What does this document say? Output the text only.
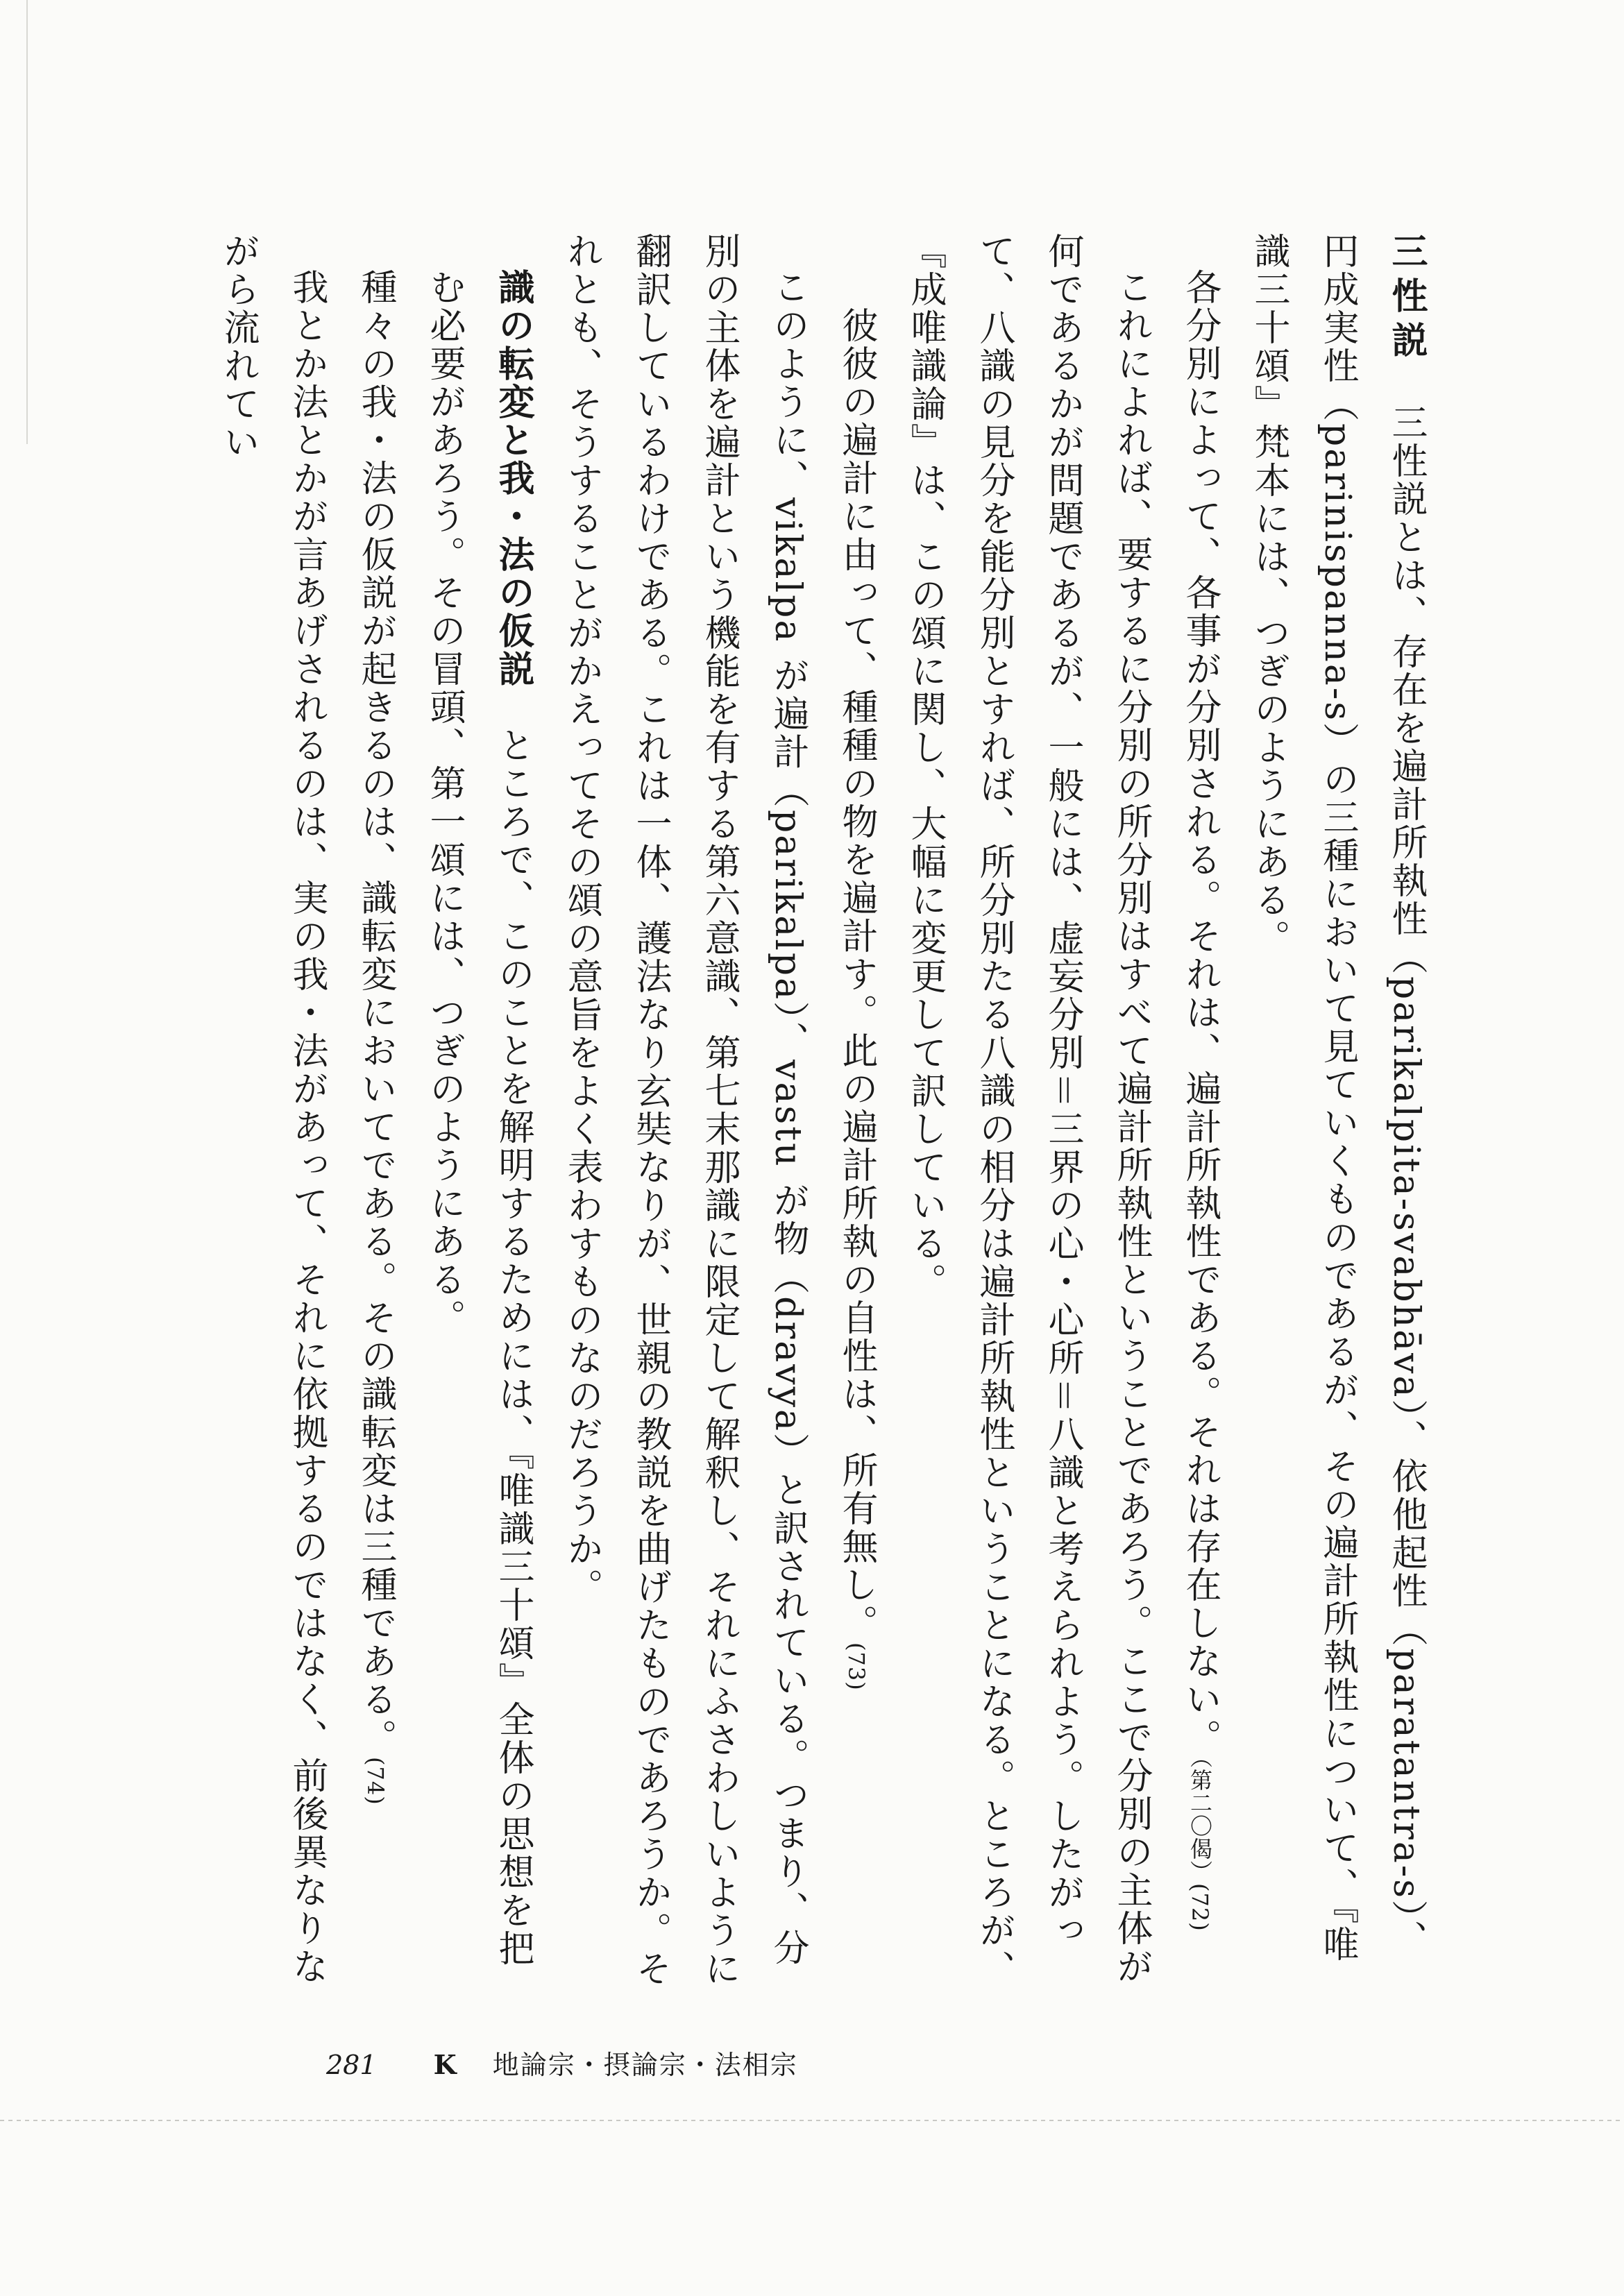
三性説　三性説とは、存在を遍計所執性（parikalpita-svabhāva）、依他起性（paratantra-s）、円成実性（parinispanna-s）の三種において見ていくものであるが、その遍計所執性について、『唯識三十頌』梵本には、つぎのようにある。

各分別によって、各事が分別される。それは、遍計所執性である。それは存在しない。（第二〇偈）(72)

これによれば、要するに分別の所分別はすべて遍計所執性ということであろう。ここで分別の主体が何であるかが問題であるが、一般には、虚妄分別＝三界の心・心所＝八識と考えられよう。したがって、八識の見分を能分別とすれば、所分別たる八識の相分は遍計所執性ということになる。ところが、『成唯識論』は、この頌に関し、大幅に変更して訳している。

　彼彼の遍計に由って、種種の物を遍計す。此の遍計所執の自性は、所有無し。(73)

このように、vikalpa が遍計（parikalpa）、vastu が物（dravya）と訳されている。つまり、分別の主体を遍計という機能を有する第六意識、第七末那識に限定して解釈し、それにふさわしいように翻訳しているわけである。これは一体、護法なり玄奘なりが、世親の教説を曲げたものであろうか。それとも、そうすることがかえってその頌の意旨をよく表わすものなのだろうか。

識の転変と我・法の仮説　ところで、このことを解明するためには、『唯識三十頌』全体の思想を把む必要があろう。その冒頭、第一頌には、つぎのようにある。

種々の我・法の仮説が起きるのは、識転変においてである。その識転変は三種である。(74)

我とか法とかが言あげされるのは、実の我・法があって、それに依拠するのではなく、前後異なりながら流れてい

281 K 地論宗・摂論宗・法相宗
